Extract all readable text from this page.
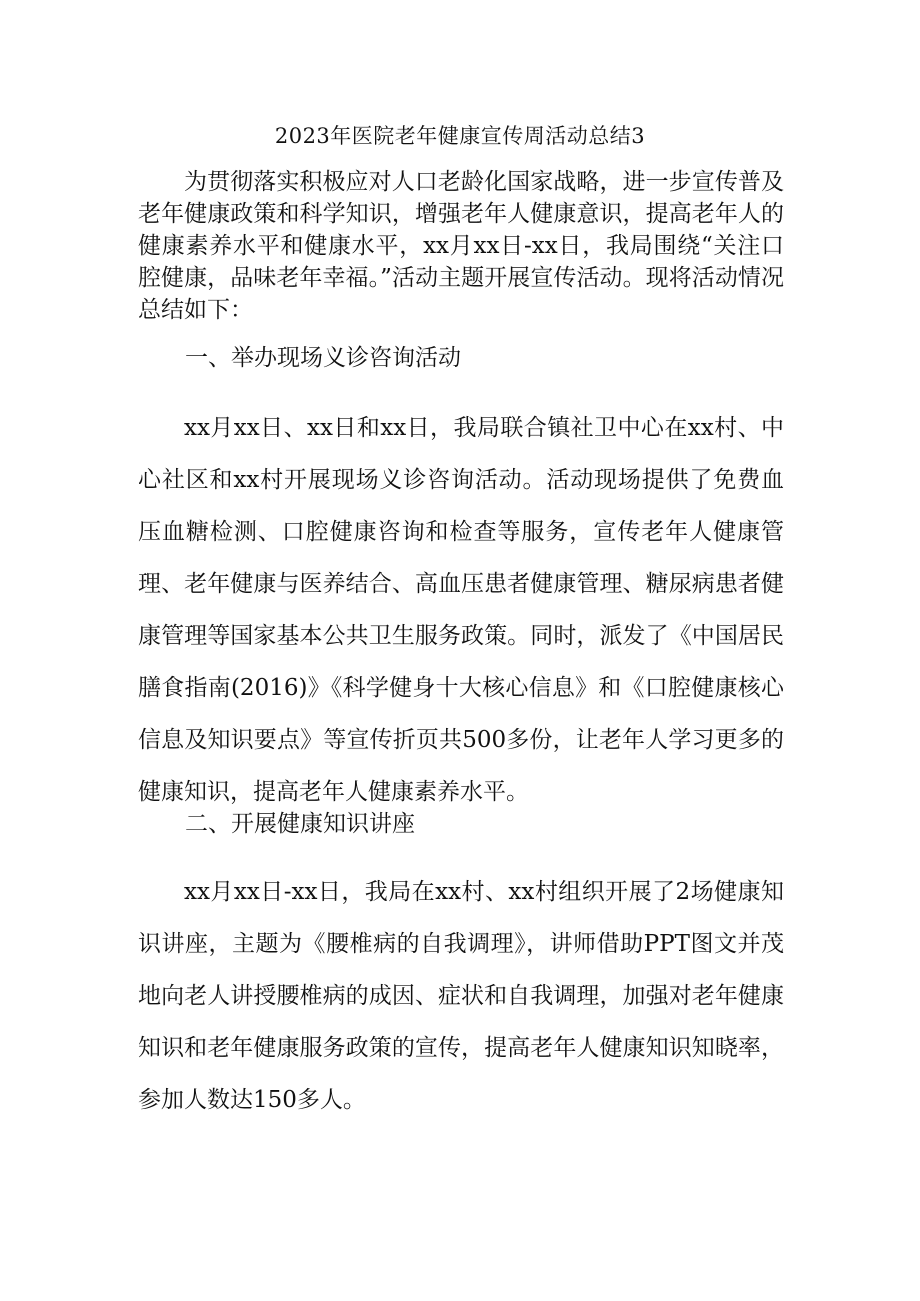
2023年医院老年健康宣传周活动总结3
为贯彻落实积极应对人口老龄化国家战略，进一步宣传普及老年健康政策和科学知识，增强老年人健康意识，提高老年人的健康素养水平和健康水平，xx月xx日-xx日，我局围绕“关注口腔健康，品味老年幸福。”活动主题开展宣传活动。现将活动情况总结如下：
一、举办现场义诊咨询活动
xx月xx日、xx日和xx日，我局联合镇社卫中心在xx村、中心社区和xx村开展现场义诊咨询活动。活动现场提供了免费血压血糖检测、口腔健康咨询和检查等服务，宣传老年人健康管理、老年健康与医养结合、高血压患者健康管理、糖尿病患者健康管理等国家基本公共卫生服务政策。同时，派发了《中国居民膳食指南(2016)》《科学健身十大核心信息》和《口腔健康核心信息及知识要点》等宣传折页共500多份，让老年人学习更多的健康知识，提高老年人健康素养水平。
二、开展健康知识讲座
xx月xx日-xx日，我局在xx村、xx村组织开展了2场健康知识讲座，主题为《腰椎病的自我调理》，讲师借助PPT图文并茂地向老人讲授腰椎病的成因、症状和自我调理，加强对老年健康知识和老年健康服务政策的宣传，提高老年人健康知识知晓率，参加人数达150多人。
